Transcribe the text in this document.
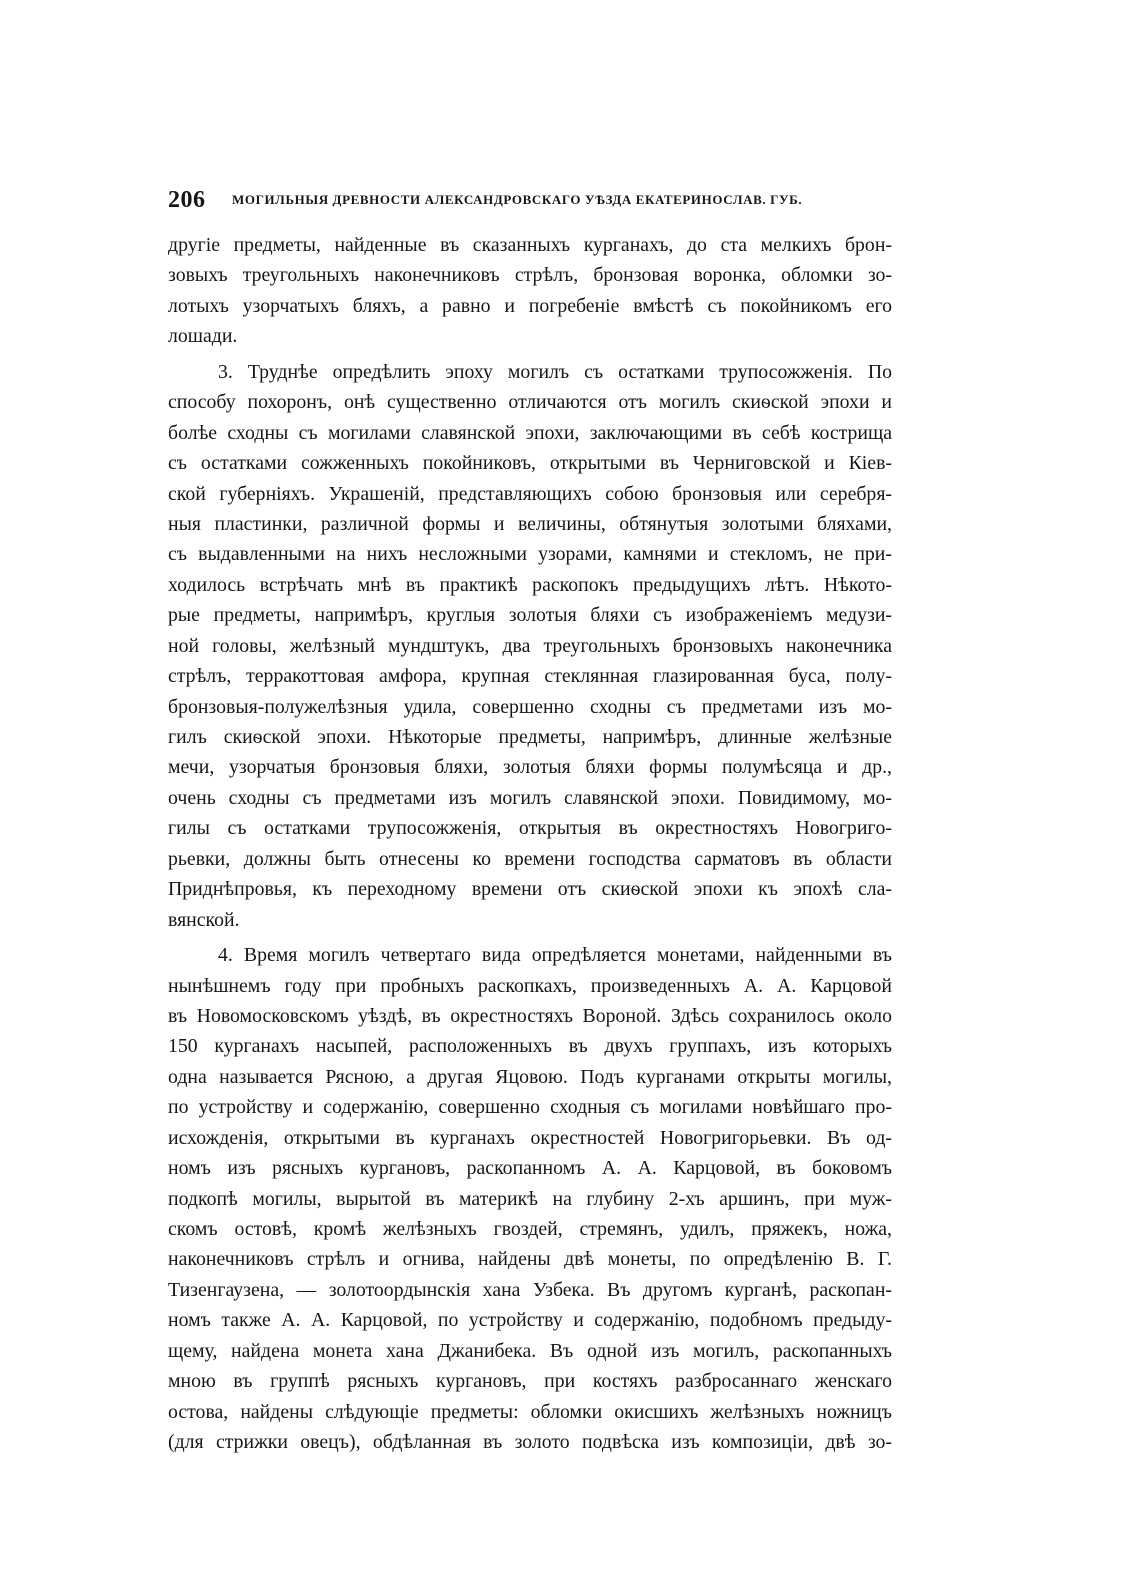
206 МОГИЛЬНЫЯ ДРЕВНОСТИ АЛЕКСАНДРОВСКАГО УѢЗДА ЕКАТЕРИНОСЛАВ. ГУБ.
другіе предметы, найденные въ сказанныхъ курганахъ, до ста мелкихъ брон-
зовыхъ треугольныхъ наконечниковъ стрѣлъ, бронзовая воронка, обломки зо-
лотыхъ узорчатыхъ бляхъ, а равно и погребеніе вмѣстѣ съ покойникомъ его
лошади.
3. Труднѣе опредѣлить эпоху могилъ съ остатками трупосожженія. По
способу похоронъ, онѣ существенно отличаются отъ могилъ скиѳской эпохи и
болѣе сходны съ могилами славянской эпохи, заключающими въ себѣ кострища
съ остатками сожженныхъ покойниковъ, открытыми въ Черниговской и Кіев-
ской губерніяхъ. Украшеній, представляющихъ собою бронзовыя или серебря-
ныя пластинки, различной формы и величины, обтянутыя золотыми бляхами,
съ выдавленными на нихъ несложными узорами, камнями и стекломъ, не при-
ходилось встрѣчать мнѣ въ практикѣ раскопокъ предыдущихъ лѣтъ. Нѣкото-
рые предметы, напримѣръ, круглыя золотыя бляхи съ изображеніемъ медузи-
ной головы, желѣзный мундштукъ, два треугольныхъ бронзовыхъ наконечника
стрѣлъ, терракоттовая амфора, крупная стеклянная глазированная буса, полу-
бронзовыя-полужелѣзныя удила, совершенно сходны съ предметами изъ мо-
гилъ скиѳской эпохи. Нѣкоторые предметы, напримѣръ, длинные желѣзные
мечи, узорчатыя бронзовыя бляхи, золотыя бляхи формы полумѣсяца и др.,
очень сходны съ предметами изъ могилъ славянской эпохи. Повидимому, мо-
гилы съ остатками трупосожженія, открытыя въ окрестностяхъ Новогригo-
рьевки, должны быть отнесены ко времени господства сарматовъ въ области
Приднѣпровья, къ переходному времени отъ скиѳской эпохи къ эпохѣ сла-
вянской.
4. Время могилъ четвертаго вида опредѣляется монетами, найденными въ
нынѣшнемъ году при пробныхъ раскопкахъ, произведенныхъ А. А. Карцовой
въ Новомосковскомъ уѣздѣ, въ окрестностяхъ Вороной. Здѣсь сохранилось около
150 курганахъ насыпей, расположенныхъ въ двухъ группахъ, изъ которыхъ
одна называется Рясною, а другая Яцовою. Подъ курганами открыты могилы,
по устройству и содержанію, совершенно сходныя съ могилами новѣйшаго про-
исхожденія, открытыми въ курганахъ окрестностей Новогригорьевки. Въ од-
номъ изъ рясныхъ кургановъ, раскопанномъ А. А. Карцовой, въ боковомъ
подкопѣ могилы, вырытой въ материкѣ на глубину 2-хъ аршинъ, при муж-
скомъ остовѣ, кромѣ желѣзныхъ гвоздей, стремянъ, удилъ, пряжекъ, ножа,
наконечниковъ стрѣлъ и огнива, найдены двѣ монеты, по опредѣленію В. Г.
Тизенгаузена, — золотоордынскія хана Узбека. Въ другомъ курганѣ, раскопан-
номъ также А. А. Карцовой, по устройству и содержанію, подобномъ предыду-
щему, найдена монета хана Джанибека. Въ одной изъ могилъ, раскопанныхъ
мною въ группѣ рясныхъ кургановъ, при костяхъ разбросаннаго женскаго
остова, найдены слѣдующіе предметы: обломки окисшихъ желѣзныхъ ножницъ
(для стрижки овецъ), обдѣланная въ золото подвѣска изъ композиціи, двѣ зо-
